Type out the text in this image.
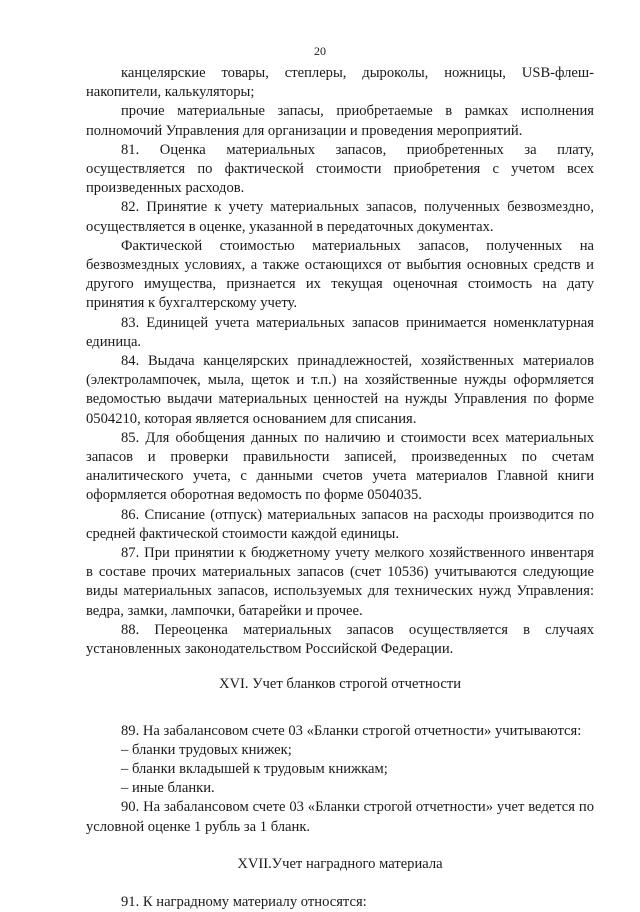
20

канцелярские товары, степлеры, дыроколы, ножницы, USB-флеш-накопители, калькуляторы;

прочие материальные запасы, приобретаемые в рамках исполнения полномочий Управления для организации и проведения мероприятий.

81. Оценка материальных запасов, приобретенных за плату, осуществляется по фактической стоимости приобретения с учетом всех произведенных расходов.

82. Принятие к учету материальных запасов, полученных безвозмездно, осуществляется в оценке, указанной в передаточных документах.

Фактической стоимостью материальных запасов, полученных на безвозмездных условиях, а также остающихся от выбытия основных средств и другого имущества, признается их текущая оценочная стоимость на дату принятия к бухгалтерскому учету.

83. Единицей учета материальных запасов принимается номенклатурная единица.

84. Выдача канцелярских принадлежностей, хозяйственных материалов (электролампочек, мыла, щеток и т.п.) на хозяйственные нужды оформляется ведомостью выдачи материальных ценностей на нужды Управления по форме 0504210, которая является основанием для списания.

85. Для обобщения данных по наличию и стоимости всех материальных запасов и проверки правильности записей, произведенных по счетам аналитического учета, с данными счетов учета материалов Главной книги оформляется оборотная ведомость по форме 0504035.

86. Списание (отпуск) материальных запасов на расходы производится по средней фактической стоимости каждой единицы.

87. При принятии к бюджетному учету мелкого хозяйственного инвентаря в составе прочих материальных запасов (счет 10536) учитываются следующие виды материальных запасов, используемых для технических нужд Управления: ведра, замки, лампочки, батарейки и прочее.

88. Переоценка материальных запасов осуществляется в случаях установленных законодательством Российской Федерации.

XVI. Учет бланков строгой отчетности

89. На забалансовом счете 03 «Бланки строгой отчетности» учитываются:

– бланки трудовых книжек;

– бланки вкладышей к трудовым книжкам;

– иные бланки.

90. На забалансовом счете 03 «Бланки строгой отчетности» учет ведется по условной оценке 1 рубль за 1 бланк.

XVII.Учет наградного материала

91. К наградному материалу относятся:
